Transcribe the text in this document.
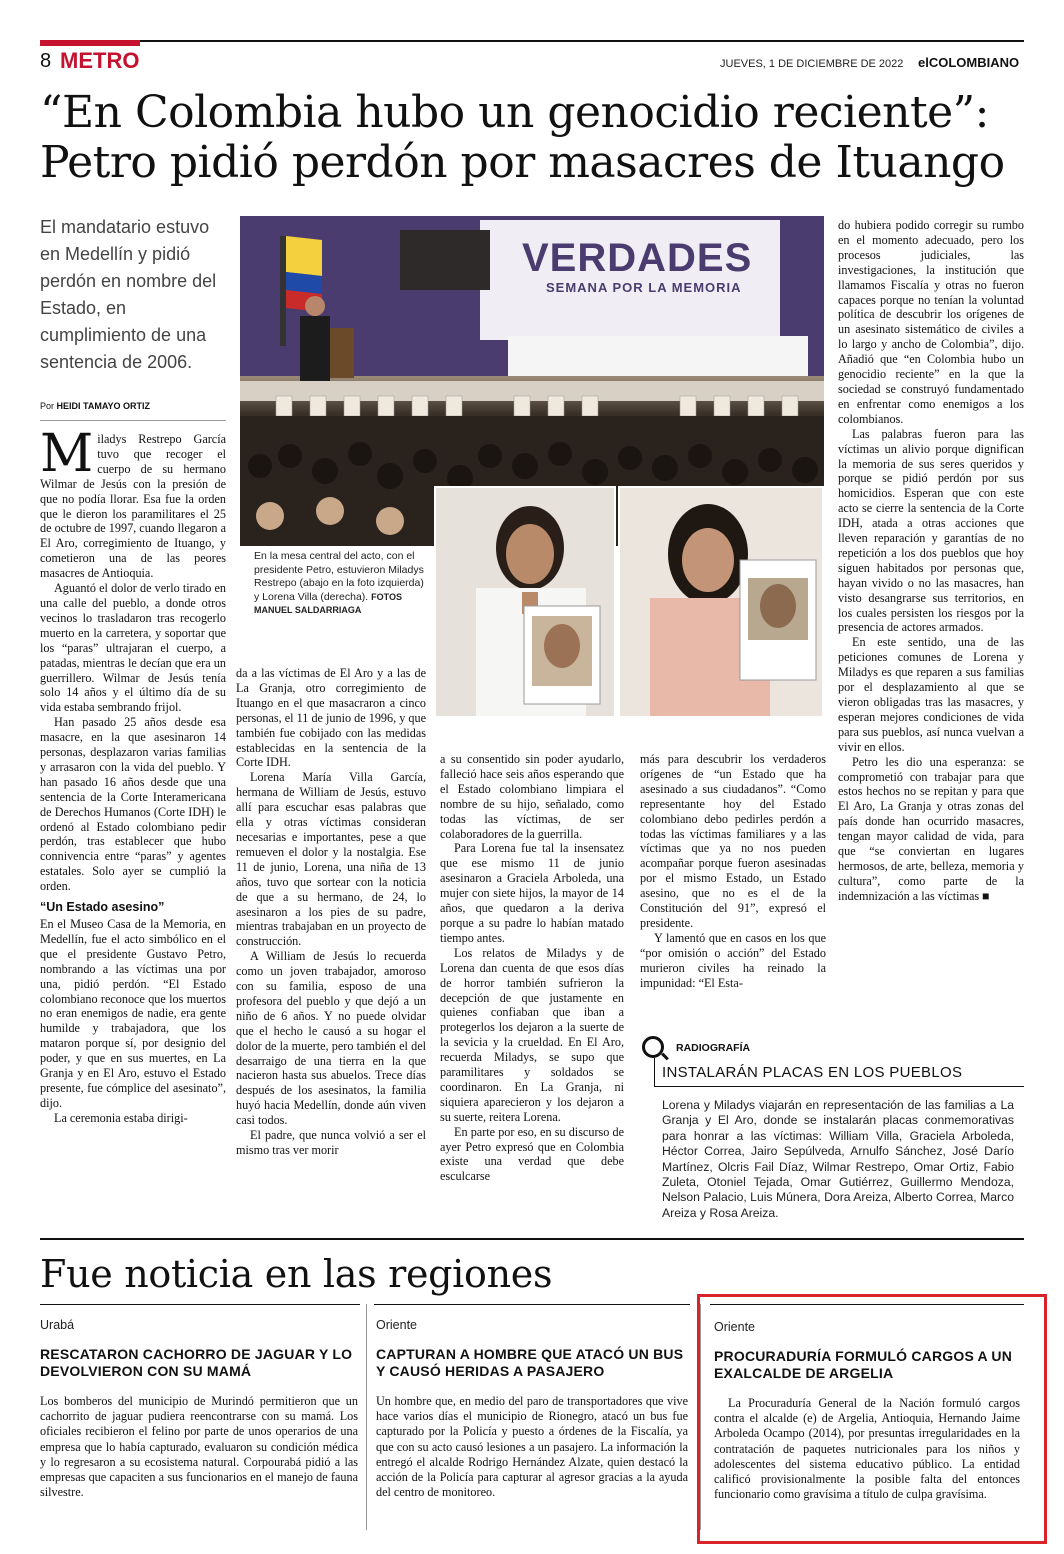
8 METRO	JUEVES, 1 DE DICIEMBRE DE 2022 elCOLOMBIANO
“En Colombia hubo un genocidio reciente”: Petro pidió perdón por masacres de Ituango
El mandatario estuvo en Medellín y pidió perdón en nombre del Estado, en cumplimiento de una sentencia de 2006.
Por HEIDI TAMAYO ORTIZ
VERDADES
SEMANA POR LA MEMORIA
En la mesa central del acto, con el presidente Petro, estuvieron Miladys Restrepo (abajo en la foto izquierda) y Lorena Villa (derecha). FOTOS MANUEL SALDARRIAGA

Miladys Restrepo García tuvo que recoger el cuerpo de su hermano Wilmar de Jesús con la presión de que no podía llorar. Esa fue la orden que le dieron los paramilitares el 25 de octubre de 1997, cuando llegaron a El Aro, corregimiento de Ituango, y cometieron una de las peores masacres de Antioquia.

Aguantó el dolor de verlo tirado en una calle del pueblo, a donde otros vecinos lo trasladaron tras recogerlo muerto en la carretera, y soportar que los “paras” ultrajaran el cuerpo, a patadas, mientras le decían que era un guerrillero. Wilmar de Jesús tenía solo 14 años y el último día de su vida estaba sembrando frijol.

Han pasado 25 años desde esa masacre, en la que asesinaron 14 personas, desplazaron varias familias y arrasaron con la vida del pueblo. Y han pasado 16 años desde que una sentencia de la Corte Interamericana de Derechos Humanos (Corte IDH) le ordenó al Estado colombiano pedir perdón, tras establecer que hubo connivencia entre “paras” y agentes estatales. Solo ayer se cumplió la orden.

“Un Estado asesino”

En el Museo Casa de la Memoria, en Medellín, fue el acto simbólico en el que el presidente Gustavo Petro, nombrando a las víctimas una por una, pidió perdón. “El Estado colombiano reconoce que los muertos no eran enemigos de nadie, era gente humilde y trabajadora, que los mataron porque sí, por designio del poder, y que en sus muertes, en La Granja y en El Aro, estuvo el Estado presente, fue cómplice del asesinato”, dijo.

La ceremonia estaba dirigi-

da a las víctimas de El Aro y a las de La Granja, otro corregimiento de Ituango en el que masacraron a cinco personas, el 11 de junio de 1996, y que también fue cobijado con las medidas establecidas en la sentencia de la Corte IDH.

Lorena María Villa García, hermana de William de Jesús, estuvo allí para escuchar esas palabras que ella y otras víctimas consideran necesarias e importantes, pese a que remueven el dolor y la nostalgia. Ese 11 de junio, Lorena, una niña de 13 años, tuvo que sortear con la noticia de que a su hermano, de 24, lo asesinaron a los pies de su padre, mientras trabajaban en un proyecto de construcción.

A William de Jesús lo recuerda como un joven trabajador, amoroso con su familia, esposo de una profesora del pueblo y que dejó a un niño de 6 años. Y no puede olvidar que el hecho le causó a su hogar el dolor de la muerte, pero también el del desarraigo de una tierra en la que nacieron hasta sus abuelos. Trece días después de los asesinatos, la familia huyó hacia Medellín, donde aún viven casi todos.

El padre, que nunca volvió a ser el mismo tras ver morir

a su consentido sin poder ayudarlo, falleció hace seis años esperando que el Estado colombiano limpiara el nombre de su hijo, señalado, como todas las víctimas, de ser colaboradores de la guerrilla.

Para Lorena fue tal la insensatez que ese mismo 11 de junio asesinaron a Graciela Arboleda, una mujer con siete hijos, la mayor de 14 años, que quedaron a la deriva porque a su padre lo habían matado tiempo antes.

Los relatos de Miladys y de Lorena dan cuenta de que esos días de horror también sufrieron la decepción de que justamente en quienes confiaban que iban a protegerlos los dejaron a la suerte de la sevicia y la crueldad. En El Aro, recuerda Miladys, se supo que paramilitares y soldados se coordinaron. En La Granja, ni siquiera aparecieron y los dejaron a su suerte, reitera Lorena.

En parte por eso, en su discurso de ayer Petro expresó que en Colombia existe una verdad que debe esculcarse

más para descubrir los verdaderos orígenes de “un Estado que ha asesinado a sus ciudadanos”. “Como representante hoy del Estado colombiano debo pedirles perdón a todas las víctimas familiares y a las víctimas que ya no nos pueden acompañar porque fueron asesinadas por el mismo Estado, un Estado asesino, que no es el de la Constitución del 91”, expresó el presidente.

Y lamentó que en casos en los que “por omisión o acción” del Estado murieron civiles ha reinado la impunidad: “El Esta-

do hubiera podido corregir su rumbo en el momento adecuado, pero los procesos judiciales, las investigaciones, la institución que llamamos Fiscalía y otras no fueron capaces porque no tenían la voluntad política de descubrir los orígenes de un asesinato sistemático de civiles a lo largo y ancho de Colombia”, dijo. Añadió que “en Colombia hubo un genocidio reciente” en la que la sociedad se construyó fundamentado en enfrentar como enemigos a los colombianos.

Las palabras fueron para las víctimas un alivio porque dignifican la memoria de sus seres queridos y porque se pidió perdón por sus homicidios. Esperan que con este acto se cierre la sentencia de la Corte IDH, atada a otras acciones que lleven reparación y garantías de no repetición a los dos pueblos que hoy siguen habitados por personas que, hayan vivido o no las masacres, han visto desangrarse sus territorios, en los cuales persisten los riesgos por la presencia de actores armados.

En este sentido, una de las peticiones comunes de Lorena y Miladys es que reparen a sus familias por el desplazamiento al que se vieron obligadas tras las masacres, y esperan mejores condiciones de vida para sus pueblos, así nunca vuelvan a vivir en ellos.

Petro les dio una esperanza: se comprometió con trabajar para que estos hechos no se repitan y para que El Aro, La Granja y otras zonas del país donde han ocurrido masacres, tengan mayor calidad de vida, para que “se conviertan en lugares hermosos, de arte, belleza, memoria y cultura”, como parte de la indemnización a las víctimas ■

RADIOGRAFÍA
INSTALARÁN PLACAS EN LOS PUEBLOS
Lorena y Miladys viajarán en representación de las familias a La Granja y El Aro, donde se instalarán placas conmemorativas para honrar a las víctimas: William Villa, Graciela Arboleda, Héctor Correa, Jairo Sepúlveda, Arnulfo Sánchez, José Darío Martínez, Olcris Fail Díaz, Wilmar Restrepo, Omar Ortiz, Fabio Zuleta, Otoniel Tejada, Omar Gutiérrez, Guillermo Mendoza, Nelson Palacio, Luis Múnera, Dora Areiza, Alberto Correa, Marco Areiza y Rosa Areiza.
Fue noticia en las regiones
Urabá
RESCATARON CACHORRO DE JAGUAR Y LO DEVOLVIERON CON SU MAMÁ
Los bomberos del municipio de Murindó permitieron que un cachorrito de jaguar pudiera reencontrarse con su mamá. Los oficiales recibieron el felino por parte de unos operarios de una empresa que lo había capturado, evaluaron su condición médica y lo regresaron a su ecosistema natural. Corpourabá pidió a las empresas que capaciten a sus funcionarios en el manejo de fauna silvestre.
Oriente
CAPTURAN A HOMBRE QUE ATACÓ UN BUS Y CAUSÓ HERIDAS A PASAJERO
Un hombre que, en medio del paro de transportadores que vive hace varios días el municipio de Rionegro, atacó un bus fue capturado por la Policía y puesto a órdenes de la Fiscalía, ya que con su acto causó lesiones a un pasajero. La información la entregó el alcalde Rodrigo Hernández Alzate, quien destacó la acción de la Policía para capturar al agresor gracias a la ayuda del centro de monitoreo.
Oriente
PROCURADURÍA FORMULÓ CARGOS A UN EXALCALDE DE ARGELIA
La Procuraduría General de la Nación formuló cargos contra el alcalde (e) de Argelia, Antioquia, Hernando Jaime Arboleda Ocampo (2014), por presuntas irregularidades en la contratación de paquetes nutricionales para los niños y adolescentes del sistema educativo público. La entidad calificó provisionalmente la posible falta del entonces funcionario como gravísima a título de culpa gravísima.
